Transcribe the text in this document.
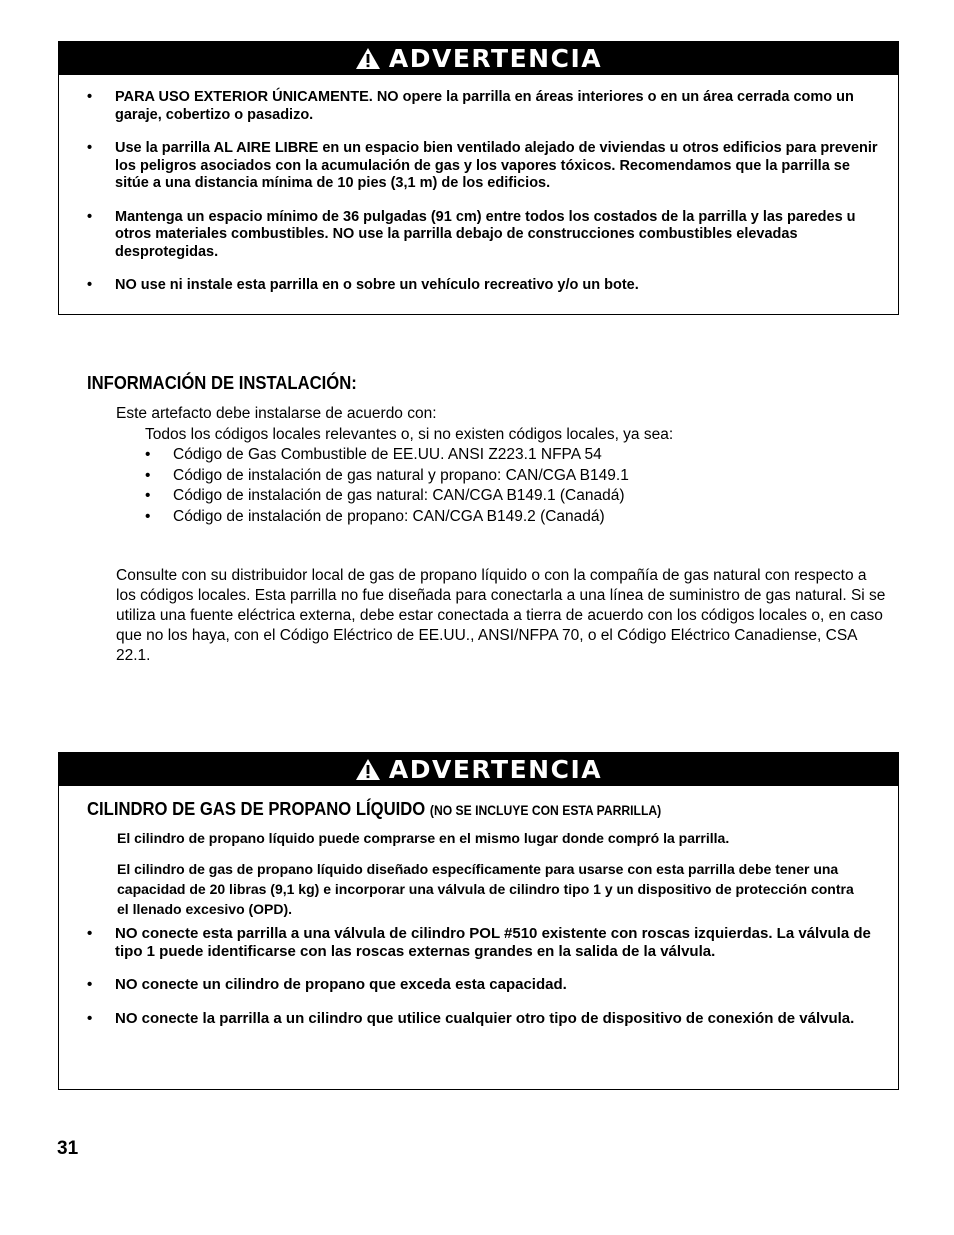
ADVERTENCIA
• PARA USO EXTERIOR ÚNICAMENTE. NO opere la parrilla en áreas interiores o en un área cerrada como un garaje, cobertizo o pasadizo.
• Use la parrilla AL AIRE LIBRE en un espacio bien ventilado alejado de viviendas u otros edificios para prevenir los peligros asociados con la acumulación de gas y los vapores tóxicos. Recomendamos que la parrilla se sitúe a una distancia mínima de 10 pies (3,1 m) de los edificios.
• Mantenga un espacio mínimo de 36 pulgadas (91 cm) entre todos los costados de la parrilla y las paredes u otros materiales combustibles. NO use la parrilla debajo de construcciones combustibles elevadas desprotegidas.
• NO use ni instale esta parrilla en o sobre un vehículo recreativo y/o un bote.
INFORMACIÓN DE INSTALACIÓN:
Este artefacto debe instalarse de acuerdo con:
Todos los códigos locales relevantes o, si no existen códigos locales, ya sea:
• Código de Gas Combustible de EE.UU. ANSI Z223.1 NFPA 54
• Código de instalación de gas natural y propano: CAN/CGA B149.1
• Código de instalación de gas natural: CAN/CGA B149.1 (Canadá)
• Código de instalación de propano: CAN/CGA B149.2 (Canadá)
Consulte con su distribuidor local de gas de propano líquido o con la compañía de gas natural con respecto a los códigos locales. Esta parrilla no fue diseñada para conectarla a una línea de suministro de gas natural. Si se utiliza una fuente eléctrica externa, debe estar conectada a tierra de acuerdo con los códigos locales o, en caso que no los haya, con el Código Eléctrico de EE.UU., ANSI/NFPA 70, o el Código Eléctrico Canadiense, CSA 22.1.
ADVERTENCIA
CILINDRO DE GAS DE PROPANO LÍQUIDO (NO SE INCLUYE CON ESTA PARRILLA)
El cilindro de propano líquido puede comprarse en el mismo lugar donde compró la parrilla.
El cilindro de gas de propano líquido diseñado específicamente para usarse con esta parrilla debe tener una capacidad de 20 libras (9,1 kg) e incorporar una válvula de cilindro tipo 1 y un dispositivo de protección contra el llenado excesivo (OPD).
• NO conecte esta parrilla a una válvula de cilindro POL #510 existente con roscas izquierdas. La válvula de tipo 1 puede identificarse con las roscas externas grandes en la salida de la válvula.
• NO conecte un cilindro de propano que exceda esta capacidad.
• NO conecte la parrilla a un cilindro que utilice cualquier otro tipo de dispositivo de conexión de válvula.
31
